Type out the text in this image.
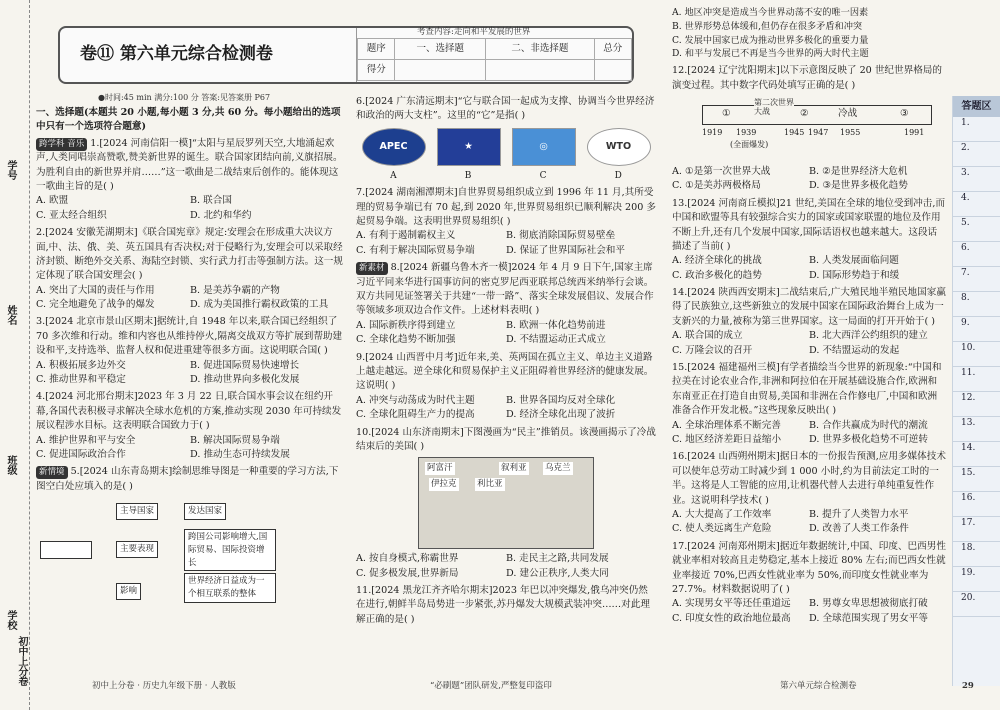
学号
姓名
班级
学校
初中上分卷
卷⑪ 第六单元综合检测卷
考查内容:走向和平发展的世界
题序	一、选择题	二、非选择题	总分
得分			
●时间:45 min 满分:100 分 答案:见答案册 P67
一、选择题(本题共 20 小题,每小题 3 分,共 60 分。每小题给出的选项中只有一个选项符合题意)
跨学科 音乐 1.[2024 河南信阳一模]“太阳与星辰罗列天空,大地涌起欢声,人类同唱崇高赞歌,赞美新世界的诞生。联合国家团结向前,义旗招展。为胜利自由的新世界并肩……”这一歌曲是二战结束后创作的。能体现这一歌曲主旨的是( )
A. 欧盟	B. 联合国
C. 亚太经合组织	D. 北约和华约
2.[2024 安徽芜湖期末]《联合国宪章》规定:安理会在形成重大决议方面,中、法、俄、美、英五国具有否决权;对于侵略行为,安理会可以采取经济封锁、断绝外交关系、海陆空封锁、实行武力打击等强制方法。这一规定体现了联合国安理会( )
A. 突出了大国的责任与作用	B. 是美苏争霸的产物
C. 完全地避免了战争的爆发	D. 成为美国推行霸权政策的工具
3.[2024 北京市景山区期末]据统计,自 1948 年以来,联合国已经组织了 70 多次维和行动。维和内容也从维持停火,隔离交战双方等扩展到帮助建设和平,支持选举、监督人权和促进重建等很多方面。这说明联合国( )
A. 积极拓展多边外交	B. 促进国际贸易快速增长
C. 推动世界和平稳定	D. 推动世界向多极化发展
4.[2024 河北邢台期末]2023 年 3 月 22 日,联合国水事会议在纽约开幕,各国代表积极寻求解决全球水危机的方案,推动实现 2030 年可持续发展议程涉水目标。这表明联合国致力于( )
A. 维护世界和平与安全	B. 解决国际贸易争端
C. 促进国际政治合作	D. 推动生态可持续发展
新情境 5.[2024 山东青岛期末]绘制思维导图是一种重要的学习方法,下图空白处应填入的是( )
主导国家	发达国家
主要表现
跨国公司影响增大,国际贸易、国际投资增长
影响
世界经济日益成为一个相互联系的整体
6.[2024 广东清远期末]“它与联合国一起成为支撑、协调当今世界经济和政治的两大支柱”。这里的“它”是指( )
APEC	★	◎	WTO
A	B	C	D
7.[2024 湖南湘潭期末]自世界贸易组织成立到 1996 年 11 月,其所受理的贸易争端已有 70 起,到 2020 年,世界贸易组织已顺利解决 200 多起贸易争端。这表明世界贸易组织( )
A. 有利于遏制霸权主义	B. 彻底消除国际贸易壁垒
C. 有利于解决国际贸易争端	D. 保证了世界国际社会和平
新素材 8.[2024 新疆乌鲁木齐一模]2024 年 4 月 9 日下午,国家主席习近平同来华进行国事访问的密克罗尼西亚联邦总统西米纳举行会谈。双方共同见证签署关于共建“一带一路”、落实全球发展倡议、发展合作等领域多项双边合作文件。上述材料表明( )
A. 国际新秩序得到建立	B. 欧洲一体化趋势前进
C. 全球化趋势不断加强	D. 不结盟运动正式成立
9.[2024 山西晋中月考]近年来,美、英两国在孤立主义、单边主义道路上越走越远。逆全球化和贸易保护主义正阻碍着世界经济的健康发展。这说明( )
A. 冲突与动荡成为时代主题	B. 世界各国均反对全球化
C. 全球化阻碍生产力的提高	D. 经济全球化出现了波折
10.[2024 山东济南期末]下图漫画为“民主”推销员。该漫画揭示了冷战结束后的美国( )
阿富汗
伊拉克 利比亚
叙利亚 乌克兰
A. 按自身模式,称霸世界	B. 走民主之路,共同发展
C. 促多极发展,世界新局	D. 建公正秩序,人类大同
11.[2024 黑龙江齐齐哈尔期末]2023 年巴以冲突爆发,俄乌冲突仍然在进行,朝鲜半岛局势进一步紧张,苏丹爆发大规模武装冲突……对此理解正确的是( )
A. 地区冲突是造成当今世界动荡不安的唯一因素
B. 世界形势总体缓和,但仍存在很多矛盾和冲突
C. 发展中国家已成为推动世界多极化的重要力量
D. 和平与发展已不再是当今世界的两大时代主题
12.[2024 辽宁沈阳期末]以下示意图反映了 20 世纪世界格局的演变过程。其中数字代码处填写正确的是( )
①
第二次世界大战	②	冷战	③
1919 1939	1945 1947 1955	1991
(全面爆发)
A. ①是第一次世界大战	B. ②是世界经济大危机
C. ①是美苏两极格局	D. ③是世界多极化趋势
13.[2024 河南商丘模拟]21 世纪,美国在全球的地位受到冲击,而中国和欧盟等具有较强综合实力的国家或国家联盟的地位及作用不断上升,还有几个发展中国家,国际话语权也越来越大。这段话描述了当前( )
A. 经济全球化的挑战	B. 人类发展面临问题
C. 政治多极化的趋势	D. 国际形势趋于和缓
14.[2024 陕西西安期末]二战结束后,广大殖民地半殖民地国家赢得了民族独立,这些新独立的发展中国家在国际政治舞台上成为一支新兴的力量,被称为第三世界国家。这一局面的打开开始于( )
A. 联合国的成立	B. 北大西洋公约组织的建立
C. 万隆会议的召开	D. 不结盟运动的发起
15.[2024 福建福州三模]有学者描绘当今世界的新现象:“中国和拉美在讨论农业合作,非洲和阿拉伯在开展基础设施合作,欧洲和东南亚正在打造自由贸易,美国和非洲在合作修电厂,中国和欧洲准备合作开发北极。”这些现象反映出( )
A. 全球治理体系不断完善	B. 合作共赢成为时代的潮流
C. 地区经济差距日益缩小	D. 世界多极化趋势不可逆转
16.[2024 山西朔州期末]据日本的一份报告预测,应用多媒体技术可以使年总劳动工时减少到 1 000 小时,约为目前法定工时的一半。这将是人工智能的应用,让机器代替人去进行单纯重复性作业。这说明科学技术( )
A. 大大提高了工作效率	B. 提升了人类智力水平
C. 使人类远离生产危险	D. 改善了人类工作条件
17.[2024 河南郑州期末]据近年数据统计,中国、印度、巴西男性就业率相对较高且走势稳定,基本上接近 80% 左右;而巴西女性就业率接近 70%,巴西女性就业率为 50%,而印度女性就业率为 27.7%。材料数据说明了( )
A. 实现男女平等还任重道远	B. 男尊女卑思想被彻底打破
C. 印度女性的政治地位最高	D. 全球范围实现了男女平等
答题区
1.
2.
3.
4.
5.
6.
7.
8.
9.
10.
11.
12.
13.
14.
15.
16.
17.
18.
19.
20.
初中上分卷 · 历史九年级下册 · 人教版	“必刷题”团队研发,严整复印盗印	第六单元综合检测卷	29
